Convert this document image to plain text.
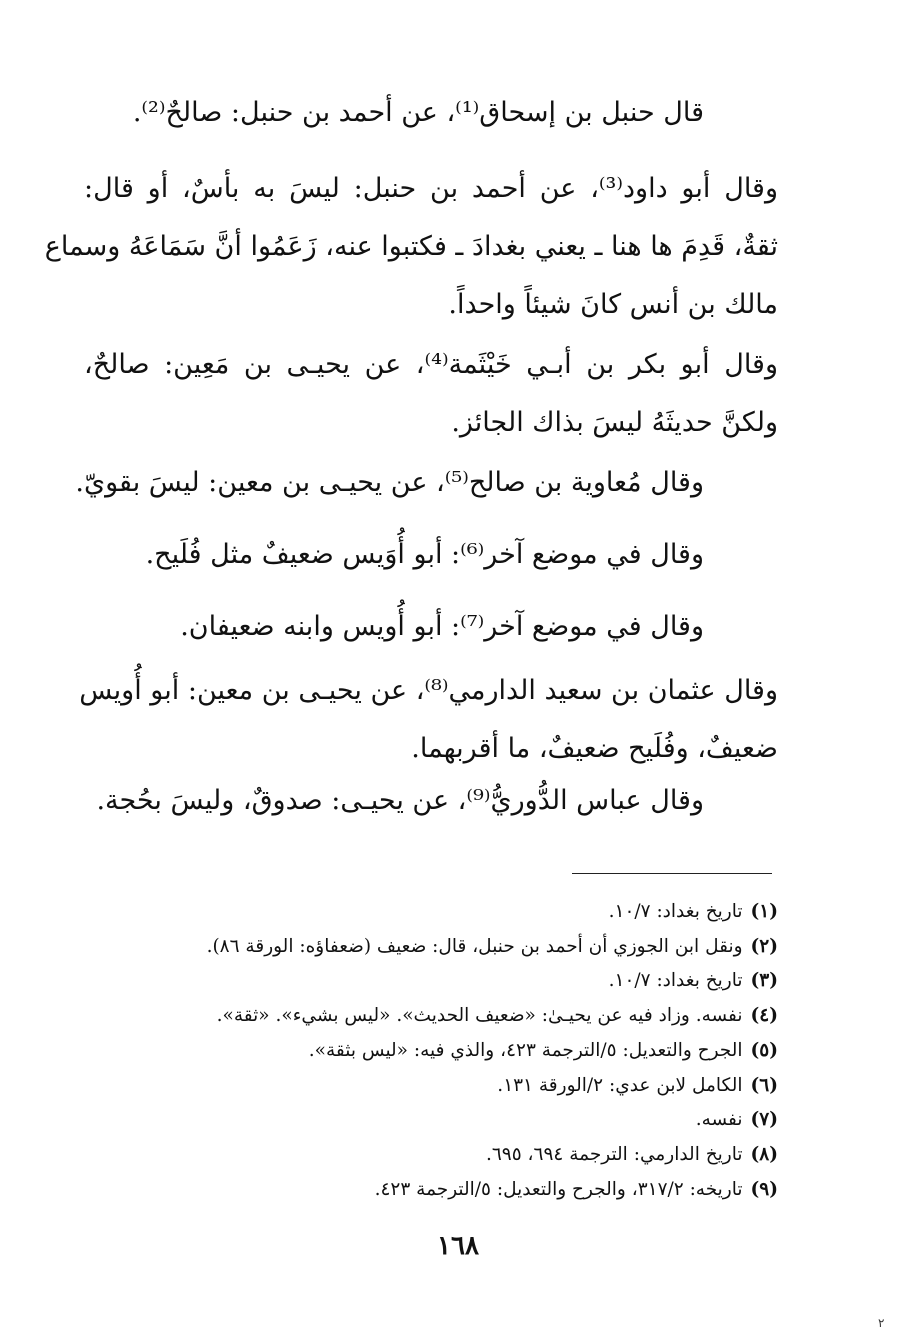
قال حنبل بن إسحاق⁽¹⁾، عن أحمد بن حنبل: صالحٌ⁽²⁾.
وقال أبو داود⁽³⁾، عن أحمد بن حنبل: ليسَ به بأسٌ، أو قال:
ثقةٌ، قَدِمَ ها هنا ـ يعني بغدادَ ـ فكتبوا عنه، زَعَمُوا أنَّ سَمَاعَهُ وسماع
مالك بن أنس كانَ شيئاً واحداً.
وقال أبو بكر بن أبـي خَيْثَمة⁽⁴⁾، عن يحيـى بن مَعِين: صالحٌ،
ولكنَّ حديثَهُ ليسَ بذاك الجائز.
وقال مُعاوية بن صالح⁽⁵⁾، عن يحيـى بن معين: ليسَ بقويّ.
وقال في موضع آخر⁽⁶⁾: أبو أُوَيس ضعيفٌ مثل فُلَيح.
وقال في موضع آخر⁽⁷⁾: أبو أُويس وابنه ضعيفان.
وقال عثمان بن سعيد الدارمي⁽⁸⁾، عن يحيـى بن معين: أبو أُويس
ضعيفٌ، وفُلَيح ضعيفٌ، ما أقربهما.
وقال عباس الدُّوريُّ⁽⁹⁾، عن يحيـى: صدوقٌ، وليسَ بحُجة.
(١)تاريخ بغداد: ١٠/٧.
(٢)ونقل ابن الجوزي أن أحمد بن حنبل، قال: ضعيف (ضعفاؤه: الورقة ٨٦).
(٣)تاريخ بغداد: ١٠/٧.
(٤)نفسه. وزاد فيه عن يحيـىٰ: «ضعيف الحديث». «ليس بشيء». «ثقة».
(٥)الجرح والتعديل: ٥/الترجمة ٤٢٣، والذي فيه: «ليس بثقة».
(٦)الكامل لابن عدي: ٢/الورقة ١٣١.
(٧)نفسه.
(٨)تاريخ الدارمي: الترجمة ٦٩٤، ٦٩٥.
(٩)تاريخه: ٣١٧/٢، والجرح والتعديل: ٥/الترجمة ٤٢٣.
١٦٨
٢
